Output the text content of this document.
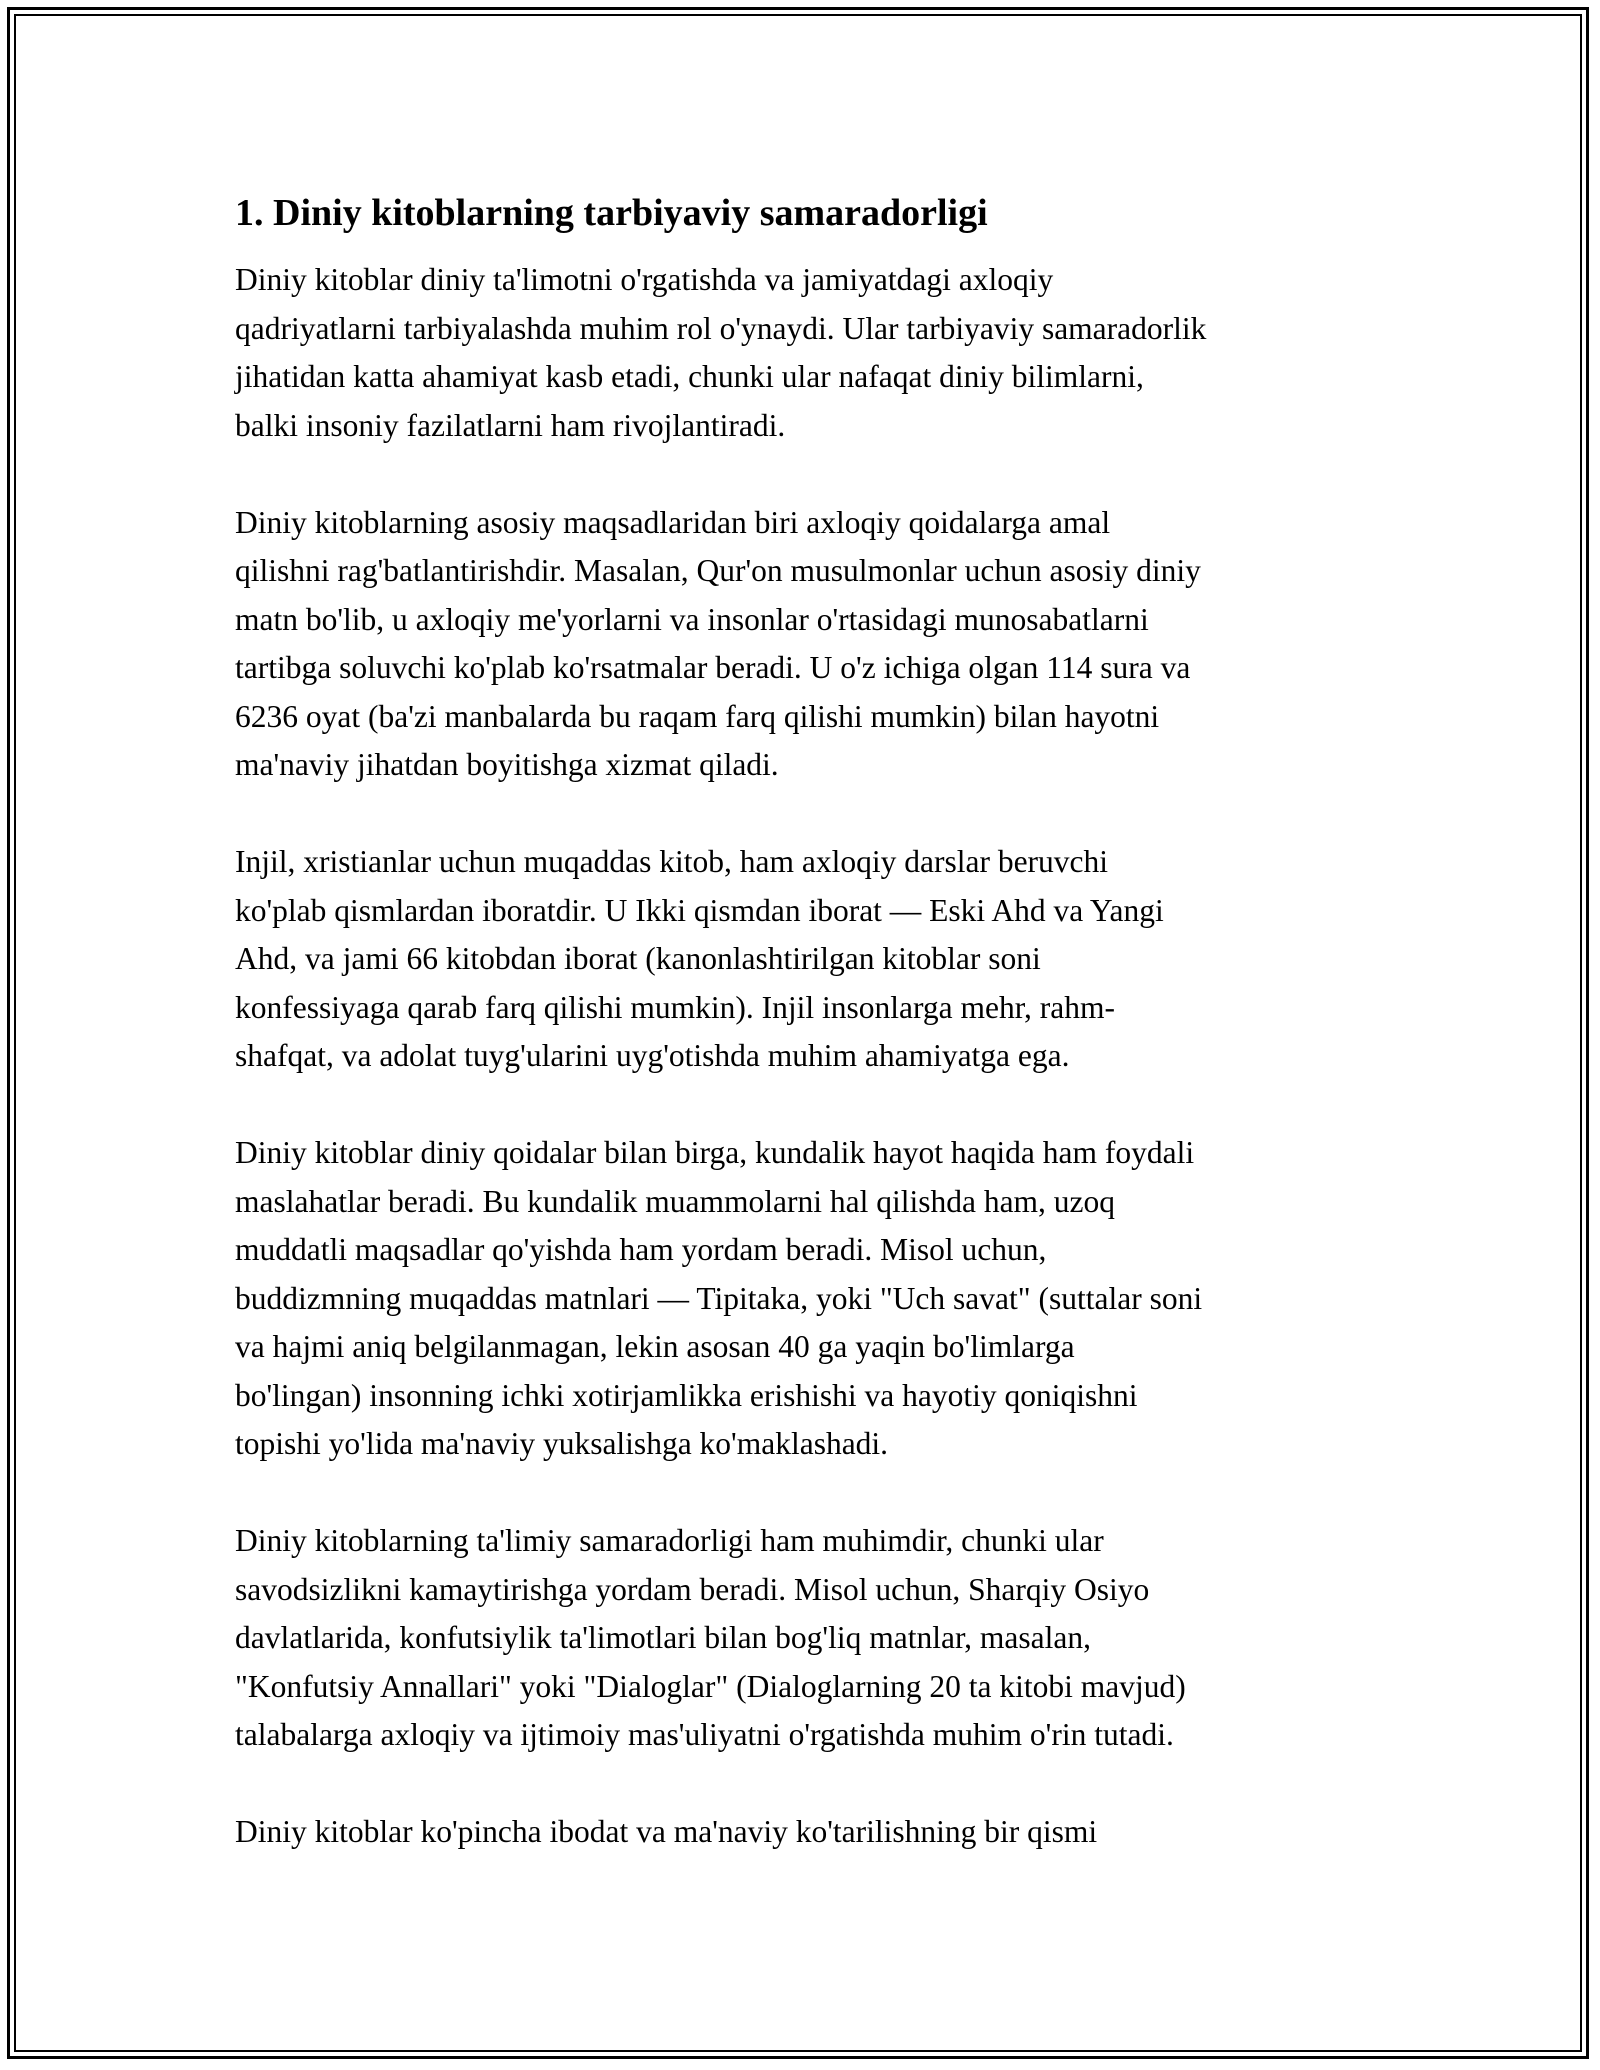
1. Diniy kitoblarning tarbiyaviy samaradorligi
Diniy kitoblar diniy ta'limotni o'rgatishda va jamiyatdagi axloqiy
qadriyatlarni tarbiyalashda muhim rol o'ynaydi. Ular tarbiyaviy samaradorlik
jihatidan katta ahamiyat kasb etadi, chunki ular nafaqat diniy bilimlarni,
balki insoniy fazilatlarni ham rivojlantiradi.
Diniy kitoblarning asosiy maqsadlaridan biri axloqiy qoidalarga amal
qilishni rag'batlantirishdir. Masalan, Qur'on musulmonlar uchun asosiy diniy
matn bo'lib, u axloqiy me'yorlarni va insonlar o'rtasidagi munosabatlarni
tartibga soluvchi ko'plab ko'rsatmalar beradi. U o'z ichiga olgan 114 sura va
6236 oyat (ba'zi manbalarda bu raqam farq qilishi mumkin) bilan hayotni
ma'naviy jihatdan boyitishga xizmat qiladi.
Injil, xristianlar uchun muqaddas kitob, ham axloqiy darslar beruvchi
ko'plab qismlardan iboratdir. U Ikki qismdan iborat — Eski Ahd va Yangi
Ahd, va jami 66 kitobdan iborat (kanonlashtirilgan kitoblar soni
konfessiyaga qarab farq qilishi mumkin). Injil insonlarga mehr, rahm-
shafqat, va adolat tuyg'ularini uyg'otishda muhim ahamiyatga ega.
Diniy kitoblar diniy qoidalar bilan birga, kundalik hayot haqida ham foydali
maslahatlar beradi. Bu kundalik muammolarni hal qilishda ham, uzoq
muddatli maqsadlar qo'yishda ham yordam beradi. Misol uchun,
buddizmning muqaddas matnlari — Tipitaka, yoki "Uch savat" (suttalar soni
va hajmi aniq belgilanmagan, lekin asosan 40 ga yaqin bo'limlarga
bo'lingan) insonning ichki xotirjamlikka erishishi va hayotiy qoniqishni
topishi yo'lida ma'naviy yuksalishga ko'maklashadi.
Diniy kitoblarning ta'limiy samaradorligi ham muhimdir, chunki ular
savodsizlikni kamaytirishga yordam beradi. Misol uchun, Sharqiy Osiyo
davlatlarida, konfutsiylik ta'limotlari bilan bog'liq matnlar, masalan,
"Konfutsiy Annallari" yoki "Dialoglar" (Dialoglarning 20 ta kitobi mavjud)
talabalarga axloqiy va ijtimoiy mas'uliyatni o'rgatishda muhim o'rin tutadi.
Diniy kitoblar ko'pincha ibodat va ma'naviy ko'tarilishning bir qismi
